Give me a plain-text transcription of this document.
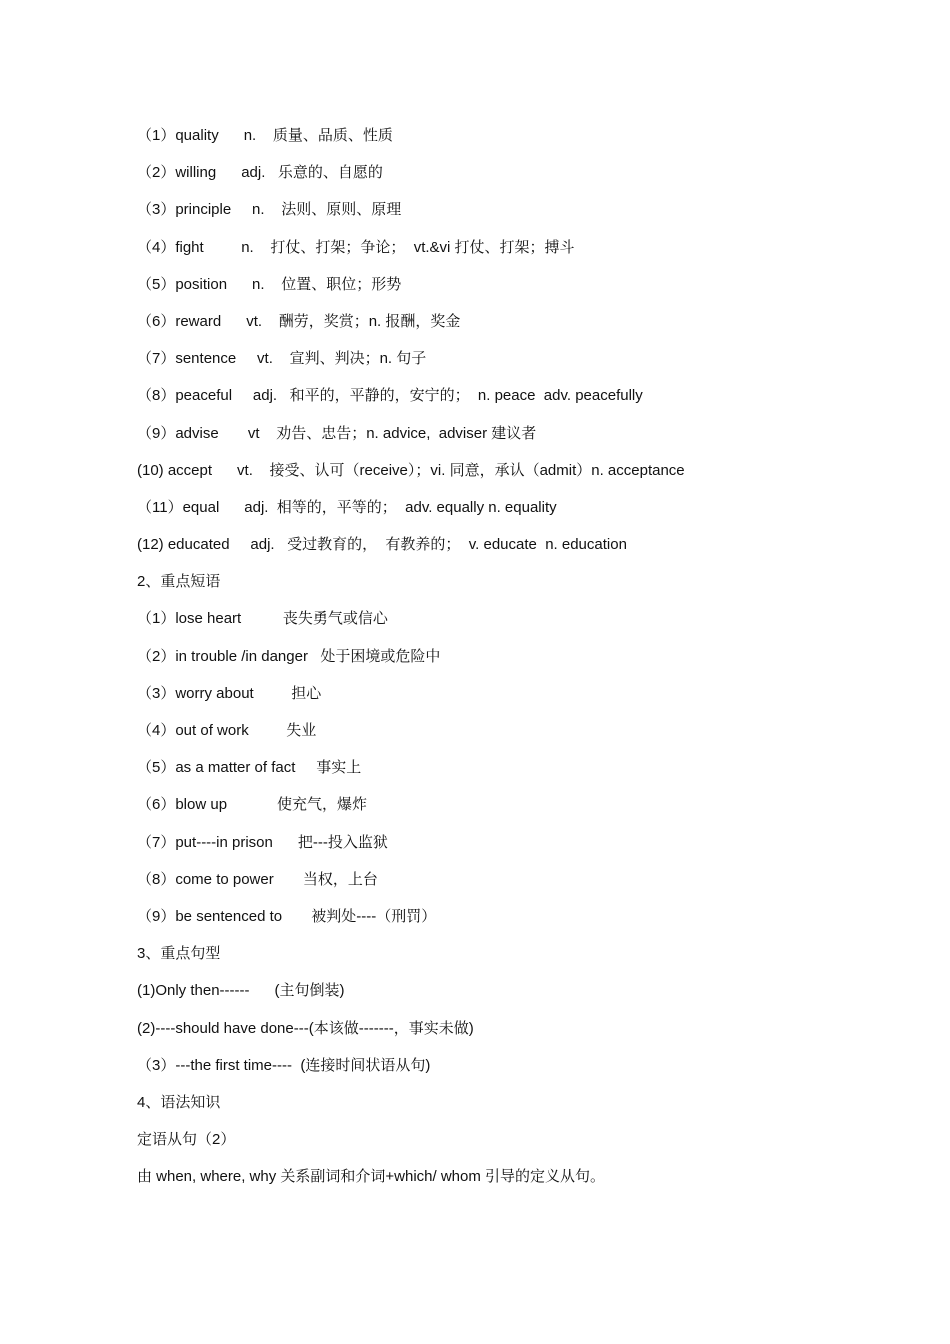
（1）quality      n.    质量、品质、性质
（2）willing      adj.   乐意的、自愿的
（3）principle     n.    法则、原则、原理
（4）fight         n.    打仗、打架；争论；  vt.&vi 打仗、打架；搏斗
（5）position      n.    位置、职位；形势
（6）reward      vt.    酬劳，奖赏；n. 报酬，奖金
（7）sentence     vt.    宣判、判决；n. 句子
（8）peaceful     adj.   和平的，平静的，安宁的；  n. peace  adv. peacefully
（9）advise       vt    劝告、忠告；n. advice,  adviser 建议者
(10) accept      vt.    接受、认可（receive）；vi. 同意，承认（admit）n. acceptance
（11）equal      adj.  相等的，平等的；  adv. equally n. equality
(12) educated     adj.   受过教育的，  有教养的；  v. educate  n. education
2、重点短语
（1）lose heart          丧失勇气或信心
（2）in trouble /in danger   处于困境或危险中
（3）worry about         担心
（4）out of work         失业
（5）as a matter of fact     事实上
（6）blow up            使充气，爆炸
（7）put----in prison      把---投入监狱
（8）come to power       当权，上台
（9）be sentenced to       被判处----（刑罚）
3、重点句型
(1)Only then------      (主句倒装)
(2)----should have done---(本该做-------，事实未做)
（3）---the first time----  (连接时间状语从句)
4、语法知识
定语从句（2）
由 when, where, why 关系副词和介词+which/ whom 引导的定义从句。
